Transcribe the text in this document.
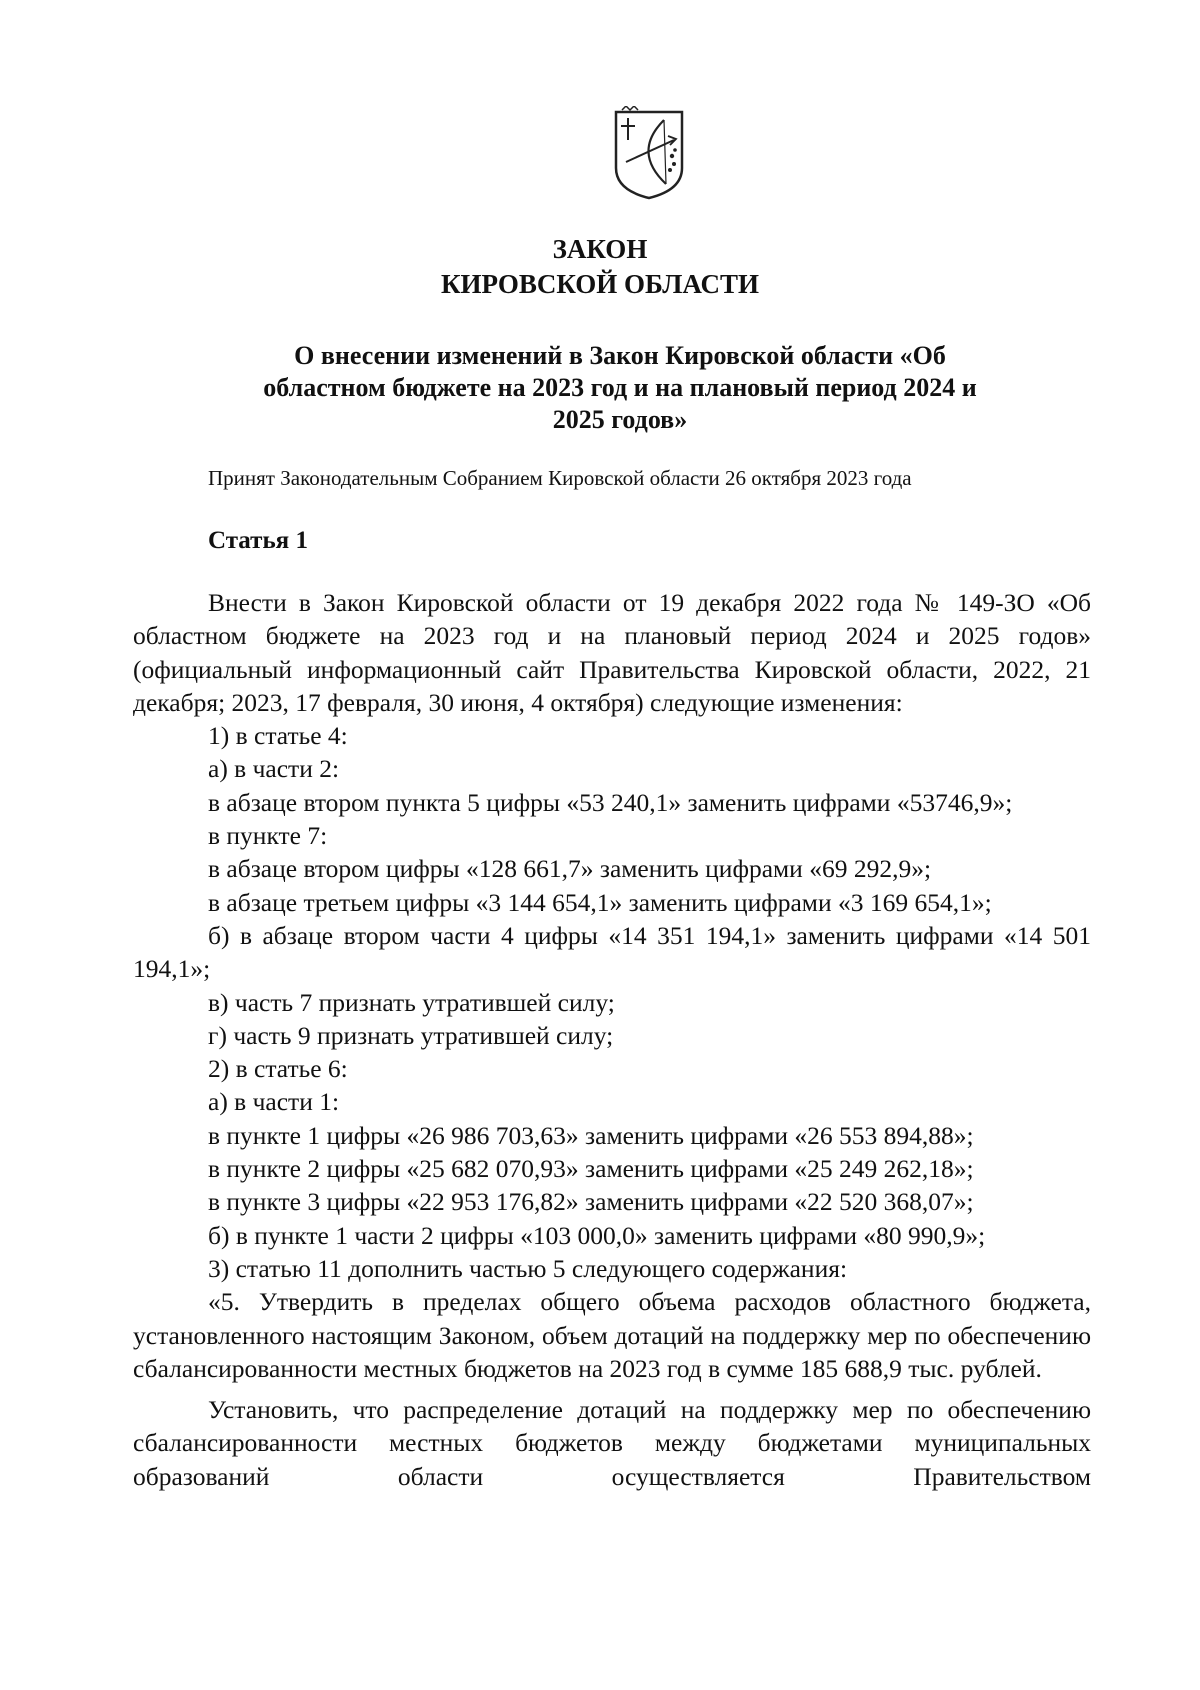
ЗАКОН
КИРОВСКОЙ ОБЛАСТИ
О внесении изменений в Закон Кировской области «Об областном бюджете на 2023 год и на плановый период 2024 и 2025 годов»
Принят Законодательным Собранием Кировской области 26 октября 2023 года
Статья 1

Внести в Закон Кировской области от 19 декабря 2022 года № 149-ЗО «Об областном бюджете на 2023 год и на плановый период 2024 и 2025 годов» (официальный информационный сайт Правительства Кировской области, 2022, 21 декабря; 2023, 17 февраля, 30 июня, 4 октября) следующие изменения:

1) в статье 4:

а) в части 2:

в абзаце втором пункта 5 цифры «53 240,1» заменить цифрами «53746,9»;

в пункте 7:

в абзаце втором цифры «128 661,7» заменить цифрами «69 292,9»;

в абзаце третьем цифры «3 144 654,1» заменить цифрами «3 169 654,1»;

б) в абзаце втором части 4 цифры «14 351 194,1» заменить цифрами «14 501 194,1»;

в) часть 7 признать утратившей силу;

г) часть 9 признать утратившей силу;

2) в статье 6:

а) в части 1:

в пункте 1 цифры «26 986 703,63» заменить цифрами «26 553 894,88»;

в пункте 2 цифры «25 682 070,93» заменить цифрами «25 249 262,18»;

в пункте 3 цифры «22 953 176,82» заменить цифрами «22 520 368,07»;

б) в пункте 1 части 2 цифры «103 000,0» заменить цифрами «80 990,9»;

3) статью 11 дополнить частью 5 следующего содержания:

«5. Утвердить в пределах общего объема расходов областного бюджета, установленного настоящим Законом, объем дотаций на поддержку мер по обеспечению сбалансированности местных бюджетов на 2023 год в сумме 185 688,9 тыс. рублей.

Установить, что распределение дотаций на поддержку мер по обеспечению сбалансированности местных бюджетов между бюджетами муниципальных образований области осуществляется Правительством
